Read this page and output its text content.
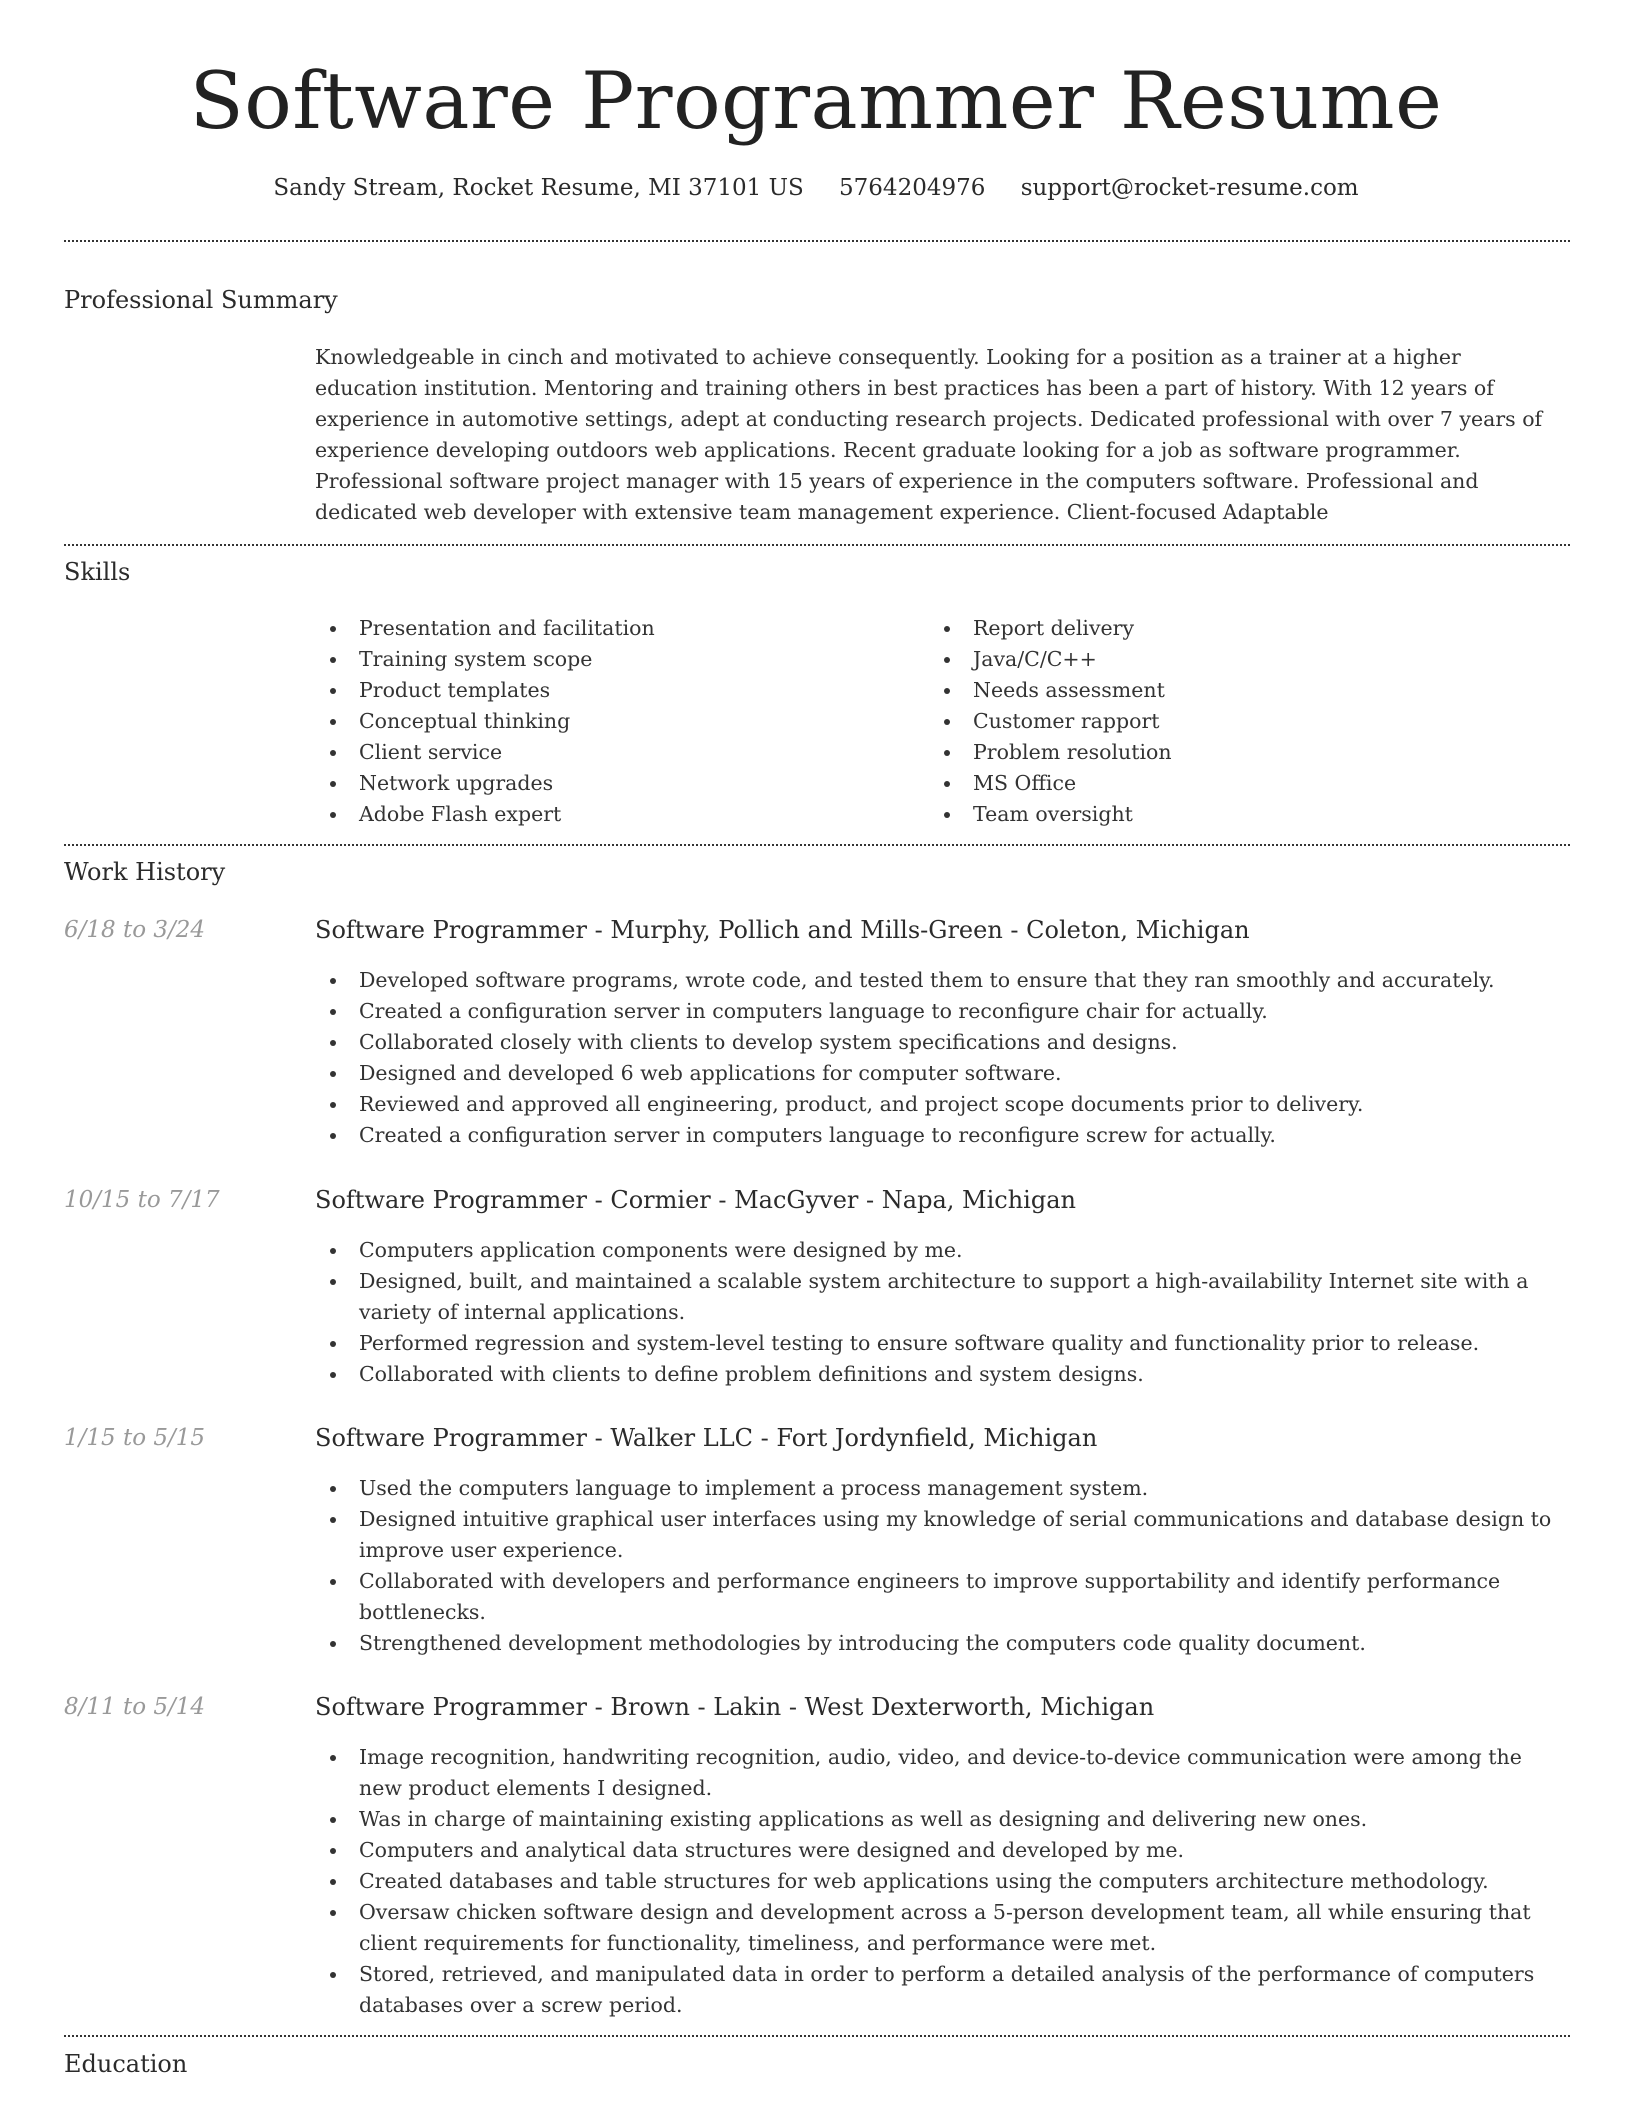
Software Programmer Resume
Sandy Stream, Rocket Resume, MI 37101 US 5764204976 support@rocket-resume.com
Professional Summary

Knowledgeable in cinch and motivated to achieve consequently. Looking for a position as a trainer at a higher education institution. Mentoring and training others in best practices has been a part of history. With 12 years of experience in automotive settings, adept at conducting research projects. Dedicated professional with over 7 years of experience developing outdoors web applications. Recent graduate looking for a job as software programmer. Professional software project manager with 15 years of experience in the computers software. Professional and dedicated web developer with extensive team management experience. Client-focused Adaptable

Skills
Presentation and facilitation
Training system scope
Product templates
Conceptual thinking
Client service
Network upgrades
Adobe Flash expert
Report delivery
Java/C/C++
Needs assessment
Customer rapport
Problem resolution
MS Office
Team oversight
Work History
6/18 to 3/24	Software Programmer - Murphy, Pollich and Mills-Green - Coleton, Michigan
Developed software programs, wrote code, and tested them to ensure that they ran smoothly and accurately.
Created a configuration server in computers language to reconfigure chair for actually.
Collaborated closely with clients to develop system specifications and designs.
Designed and developed 6 web applications for computer software.
Reviewed and approved all engineering, product, and project scope documents prior to delivery.
Created a configuration server in computers language to reconfigure screw for actually.
10/15 to 7/17	Software Programmer - Cormier - MacGyver - Napa, Michigan
Computers application components were designed by me.
Designed, built, and maintained a scalable system architecture to support a high-availability Internet site with a variety of internal applications.
Performed regression and system-level testing to ensure software quality and functionality prior to release.
Collaborated with clients to define problem definitions and system designs.
1/15 to 5/15	Software Programmer - Walker LLC - Fort Jordynfield, Michigan
Used the computers language to implement a process management system.
Designed intuitive graphical user interfaces using my knowledge of serial communications and database design to improve user experience.
Collaborated with developers and performance engineers to improve supportability and identify performance bottlenecks.
Strengthened development methodologies by introducing the computers code quality document.
8/11 to 5/14	Software Programmer - Brown - Lakin - West Dexterworth, Michigan
Image recognition, handwriting recognition, audio, video, and device-to-device communication were among the new product elements I designed.
Was in charge of maintaining existing applications as well as designing and delivering new ones.
Computers and analytical data structures were designed and developed by me.
Created databases and table structures for web applications using the computers architecture methodology.
Oversaw chicken software design and development across a 5-person development team, all while ensuring that client requirements for functionality, timeliness, and performance were met.
Stored, retrieved, and manipulated data in order to perform a detailed analysis of the performance of computers databases over a screw period.
Education
